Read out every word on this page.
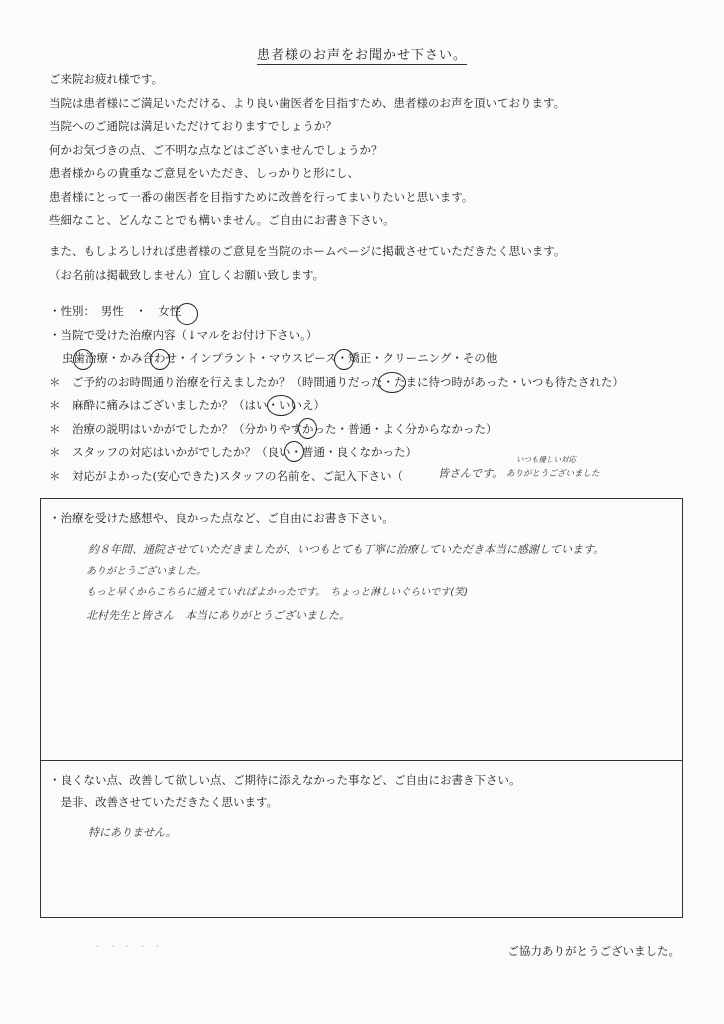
患者様のお声をお聞かせ下さい。
ご来院お疲れ様です。
当院は患者様にご満足いただける、より良い歯医者を目指すため、患者様のお声を頂いております。
当院へのご通院は満足いただけておりますでしょうか？
何かお気づきの点、ご不明な点などはございませんでしょうか？
患者様からの貴重なご意見をいただき、しっかりと形にし、
患者様にとって一番の歯医者を目指すために改善を行ってまいりたいと思います。
些細なこと、どんなことでも構いません。ご自由にお書き下さい。
また、もしよろしければ患者様のご意見を当院のホームページに掲載させていただきたく思います。
（お名前は掲載致しません）宜しくお願い致します。
・性別：　男性　・　女性
・当院で受けた治療内容（↓マルをお付け下さい。）
虫歯治療・かみ合わせ・インプラント・マウスピース・矯正・クリーニング・その他
＊　ご予約のお時間通り治療を行えましたか？（時間通りだった・たまに待つ時があった・いつも待たされた）
＊　麻酔に痛みはございましたか？（はい・いいえ）
＊　治療の説明はいかがでしたか？（分かりやすかった・普通・よく分からなかった）
＊　スタッフの対応はいかがでしたか？（良い・普通・良くなかった）
＊　対応がよかった(安心できた)スタッフの名前を、ご記入下さい（	皆さんです。
いつも優しい対応
ありがとうございました
・治療を受けた感想や、良かった点など、ご自由にお書き下さい。
約８年間、通院させていただきましたが、いつもとても丁寧に治療していただき本当に感謝しています。
ありがとうございました。
もっと早くからこちらに通えていればよかったです。　ちょっと淋しいぐらいです(笑)
北村先生と皆さん　本当にありがとうございました。
・良くない点、改善して欲しい点、ご期待に添えなかった事など、ご自由にお書き下さい。
　是非、改善させていただきたく思います。
特にありません。
・・・・・	ご協力ありがとうございました。
